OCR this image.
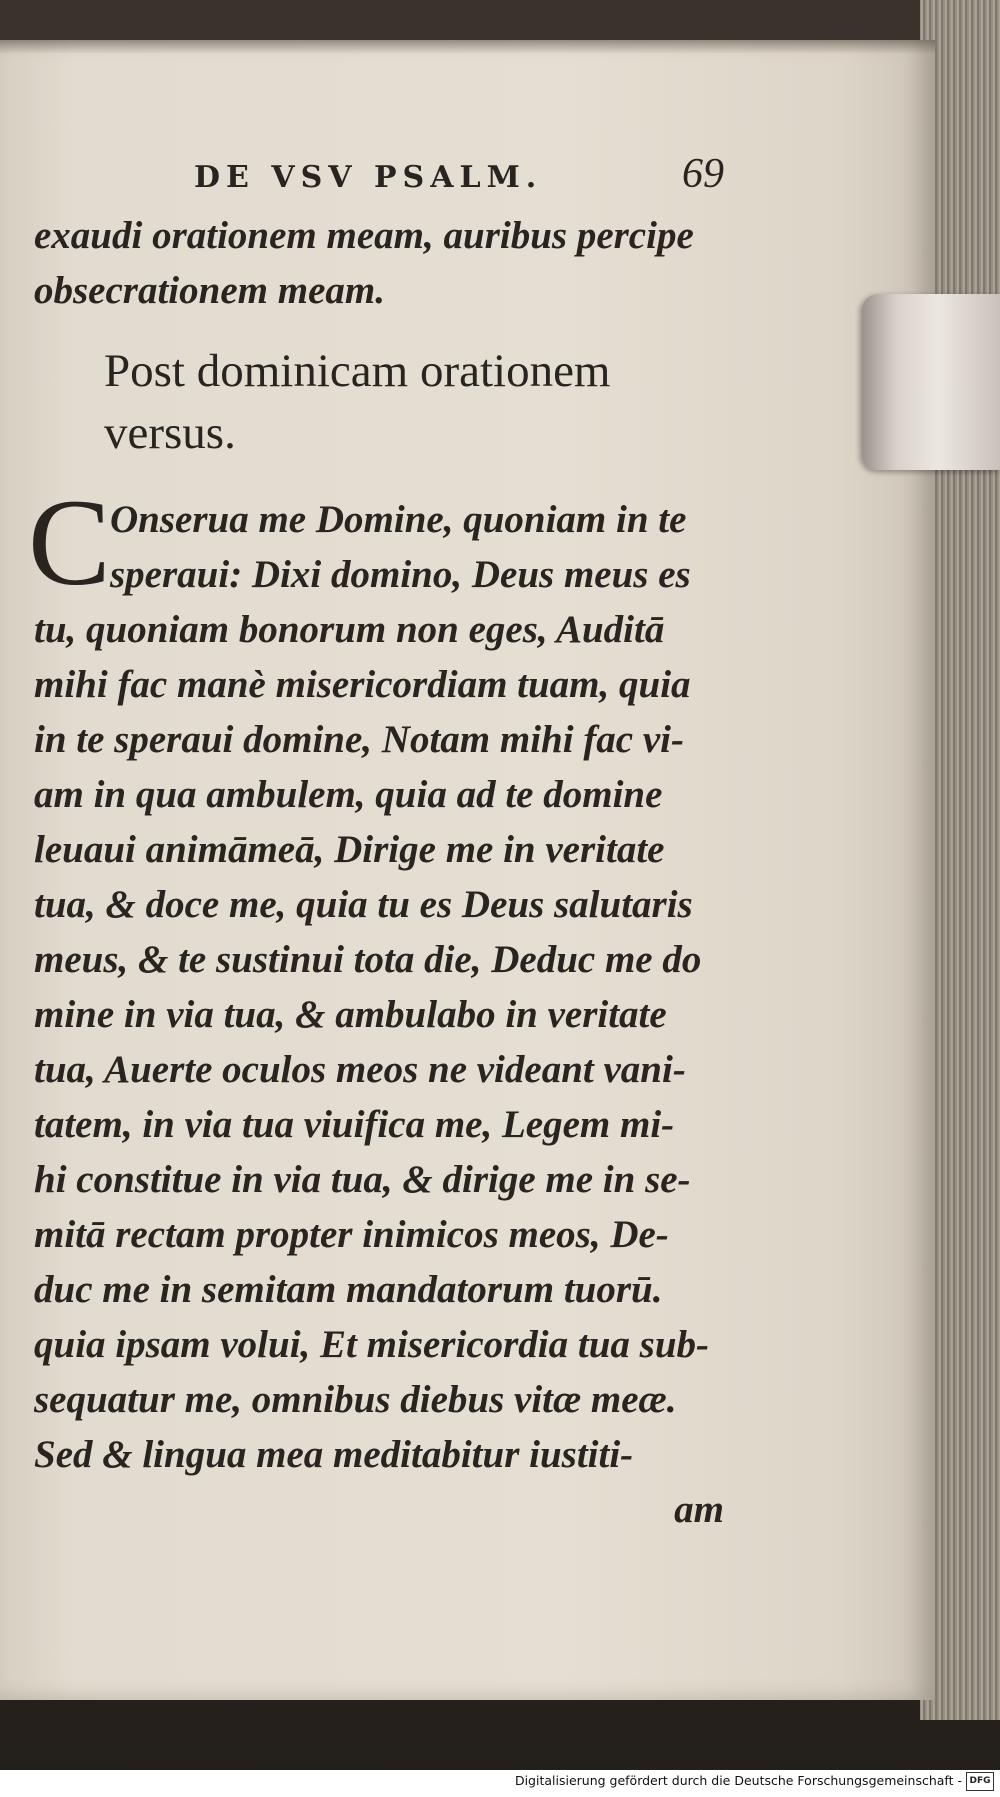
DE VSV PSALM.	69
exaudi orationem meam, auribus percipe
obsecrationem meam.
Post dominicam orationem
versus.
C Onserua me Domine, quoniam in te
speraui: Dixi domino, Deus meus es
tu, quoniam bonorum non eges, Auditā
mihi fac manè misericordiam tuam, quia
in te speraui domine, Notam mihi fac vi-
am in qua ambulem, quia ad te domine
leuaui animāmeā, Dirige me in veritate
tua, & doce me, quia tu es Deus salutaris
meus, & te sustinui tota die, Deduc me do
mine in via tua, & ambulabo in veritate
tua, Auerte oculos meos ne videant vani-
tatem, in via tua viuifica me, Legem mi-
hi constitue in via tua, & dirige me in se-
mitā rectam propter inimicos meos, De-
duc me in semitam mandatorum tuorū.
quia ipsam volui, Et misericordia tua sub-
sequatur me, omnibus diebus vitæ meæ.
Sed & lingua mea meditabitur iustiti-
am
Digitalisierung gefördert durch die Deutsche Forschungsgemeinschaft - DFG
